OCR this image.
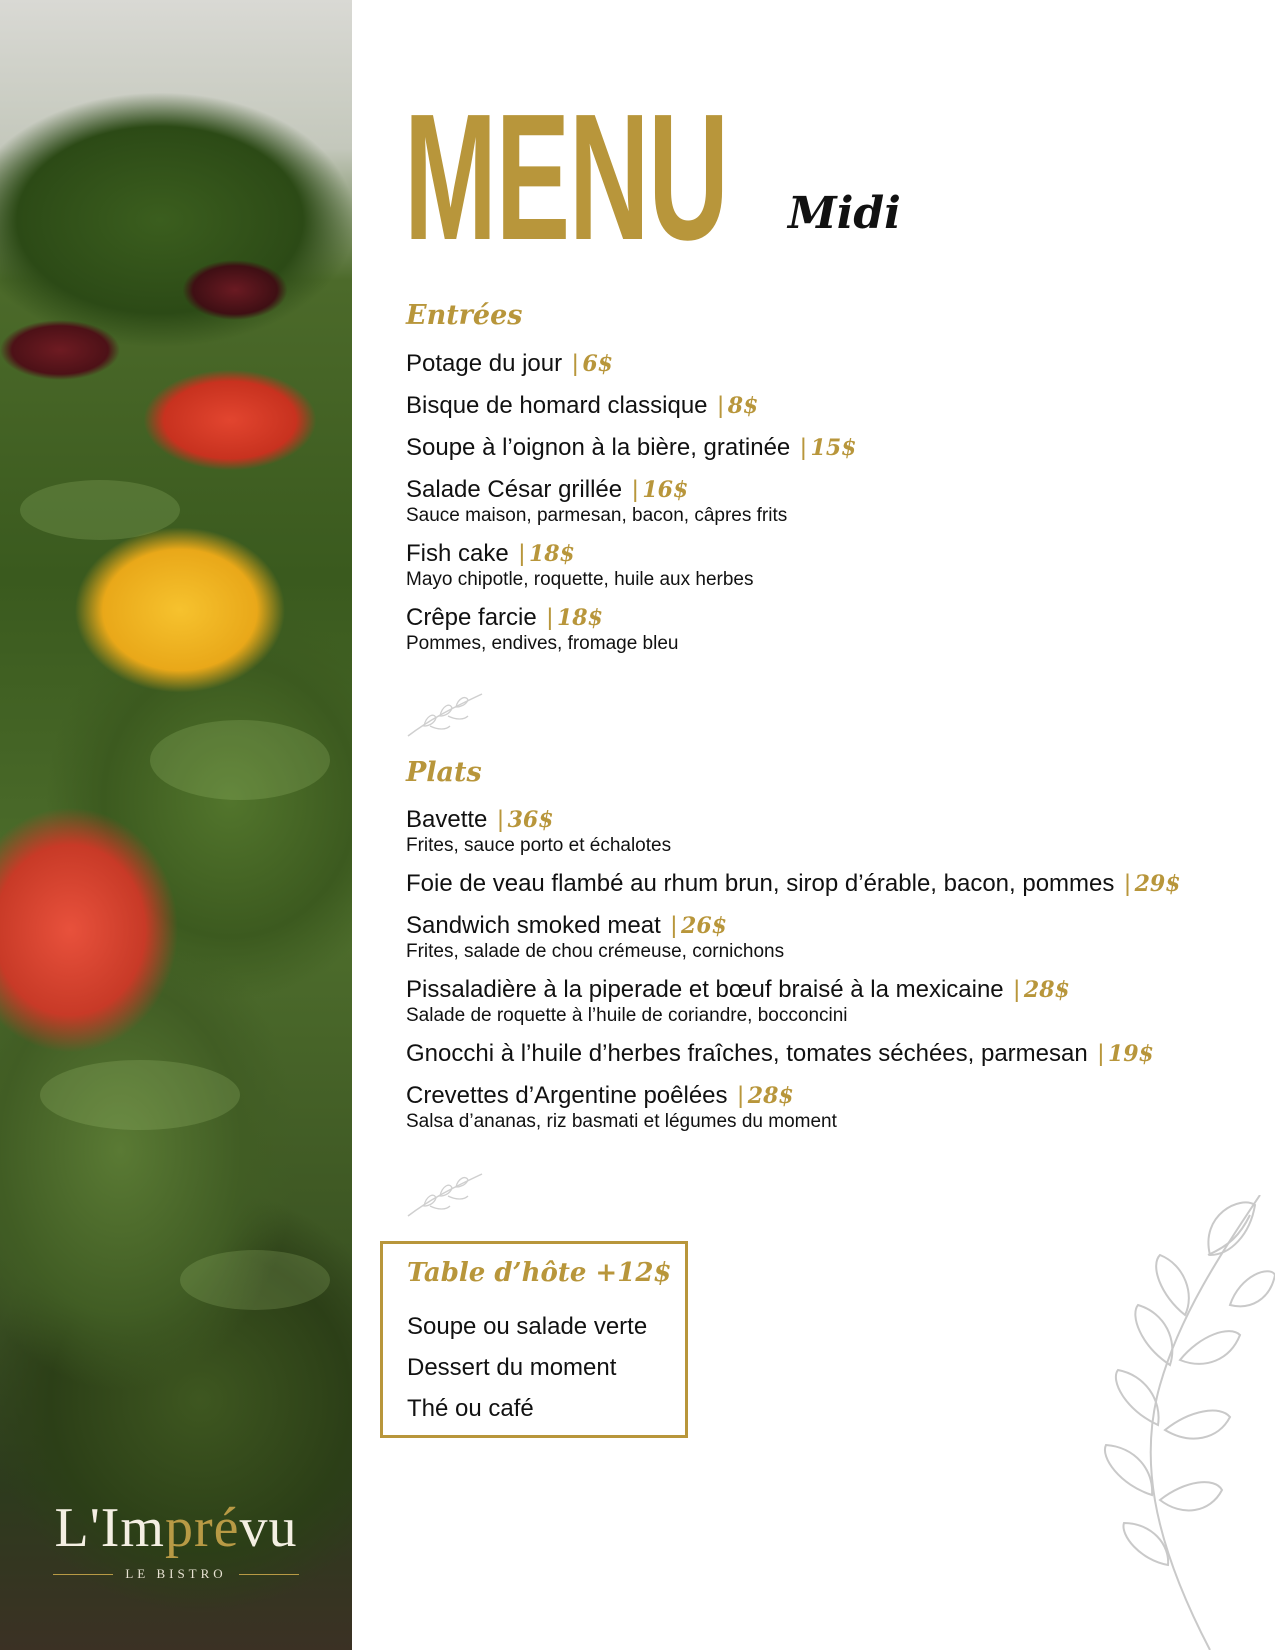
L'Imprévu
LE BISTRO
MENU Midi
Entrées
Potage du jour | 6$
Bisque de homard classique | 8$
Soupe à l’oignon à la bière, gratinée | 15$
Salade César grillée | 16$
Sauce maison, parmesan, bacon, câpres frits
Fish cake | 18$
Mayo chipotle, roquette, huile aux herbes
Crêpe farcie | 18$
Pommes, endives, fromage bleu
Plats
Bavette | 36$
Frites, sauce porto et échalotes
Foie de veau flambé au rhum brun, sirop d’érable, bacon, pommes | 29$
Sandwich smoked meat | 26$
Frites, salade de chou crémeuse, cornichons
Pissaladière à la piperade et bœuf braisé à la mexicaine | 28$
Salade de roquette à l’huile de coriandre, bocconcini
Gnocchi à l’huile d’herbes fraîches, tomates séchées, parmesan | 19$
Crevettes d’Argentine poêlées | 28$
Salsa d’ananas, riz basmati et légumes du moment
Table d’hôte +12$
Soupe ou salade verte
Dessert du moment
Thé ou café
